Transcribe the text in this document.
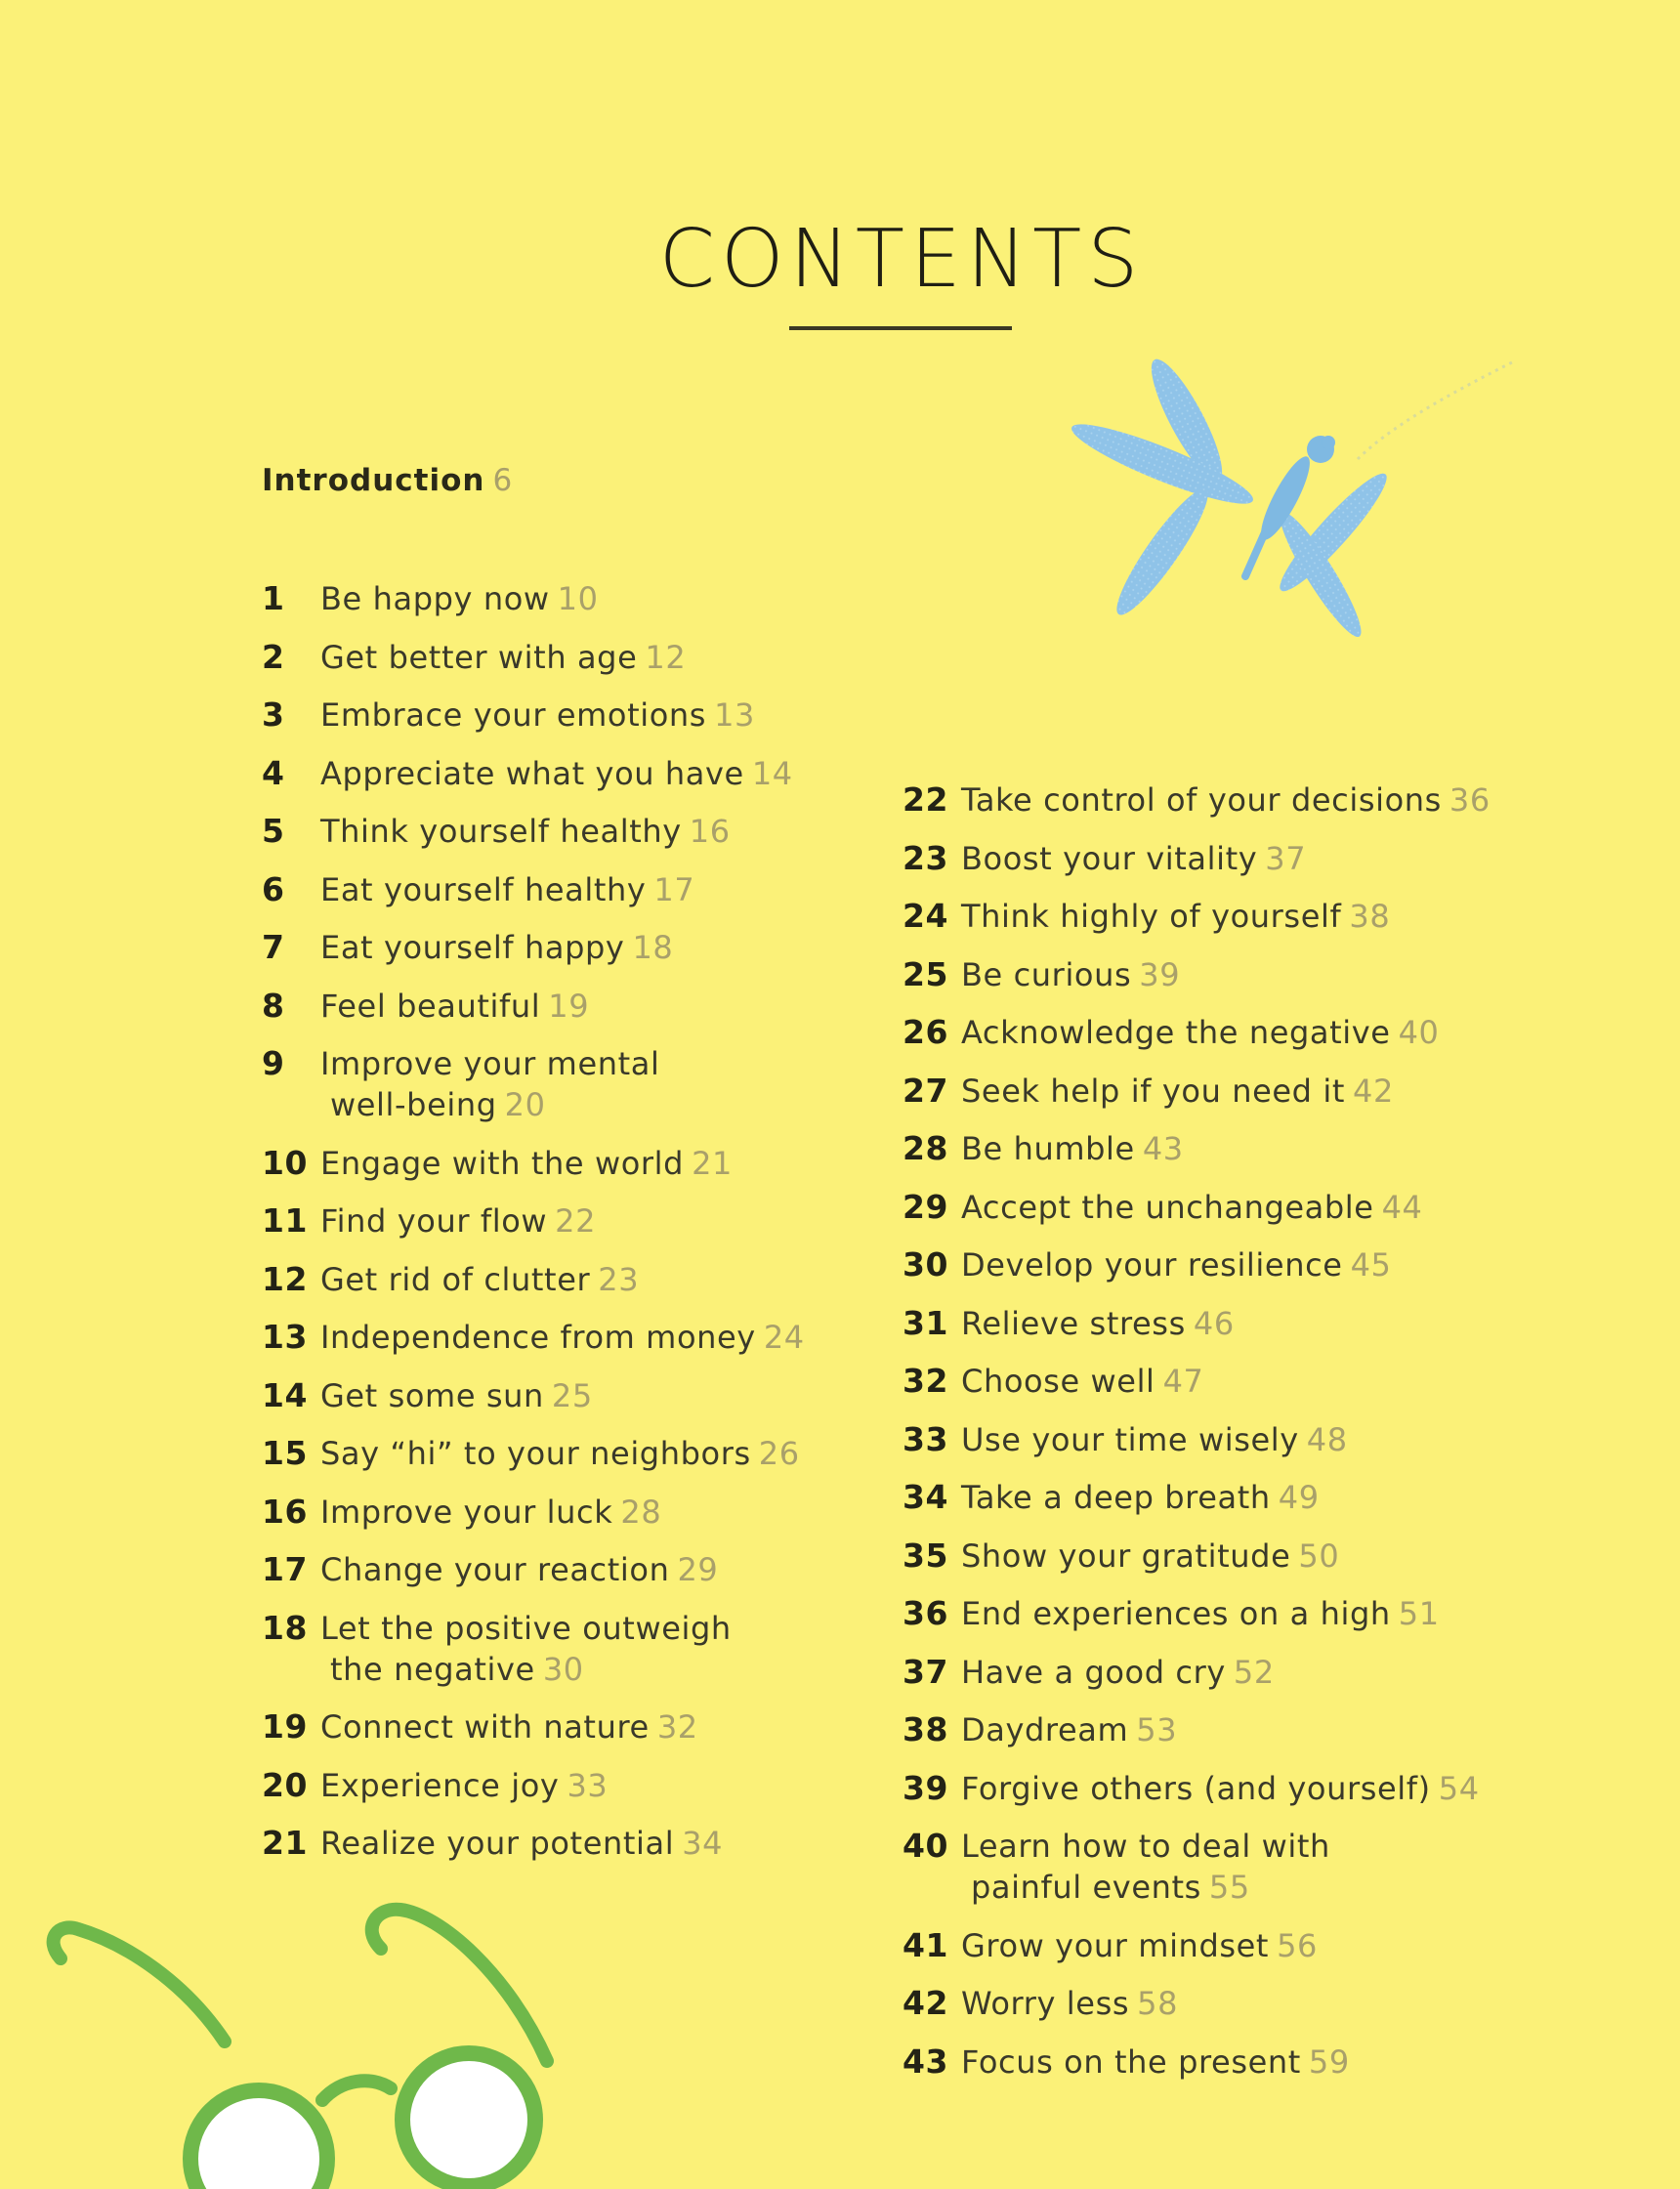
CONTENTS
Introduction 6
1 Be happy now 10
2 Get better with age 12
3 Embrace your emotions 13
4 Appreciate what you have 14
5 Think yourself healthy 16
6 Eat yourself healthy 17
7 Eat yourself happy 18
8 Feel beautiful 19
9 Improve your mental
well-being 20
10 Engage with the world 21
11 Find your flow 22
12 Get rid of clutter 23
13 Independence from money 24
14 Get some sun 25
15 Say “hi” to your neighbors 26
16 Improve your luck 28
17 Change your reaction 29
18 Let the positive outweigh
the negative 30
19 Connect with nature 32
20 Experience joy 33
21 Realize your potential 34
22 Take control of your decisions 36
23 Boost your vitality 37
24 Think highly of yourself 38
25 Be curious 39
26 Acknowledge the negative 40
27 Seek help if you need it 42
28 Be humble 43
29 Accept the unchangeable 44
30 Develop your resilience 45
31 Relieve stress 46
32 Choose well 47
33 Use your time wisely 48
34 Take a deep breath 49
35 Show your gratitude 50
36 End experiences on a high 51
37 Have a good cry 52
38 Daydream 53
39 Forgive others (and yourself) 54
40 Learn how to deal with
painful events 55
41 Grow your mindset 56
42 Worry less 58
43 Focus on the present 59
